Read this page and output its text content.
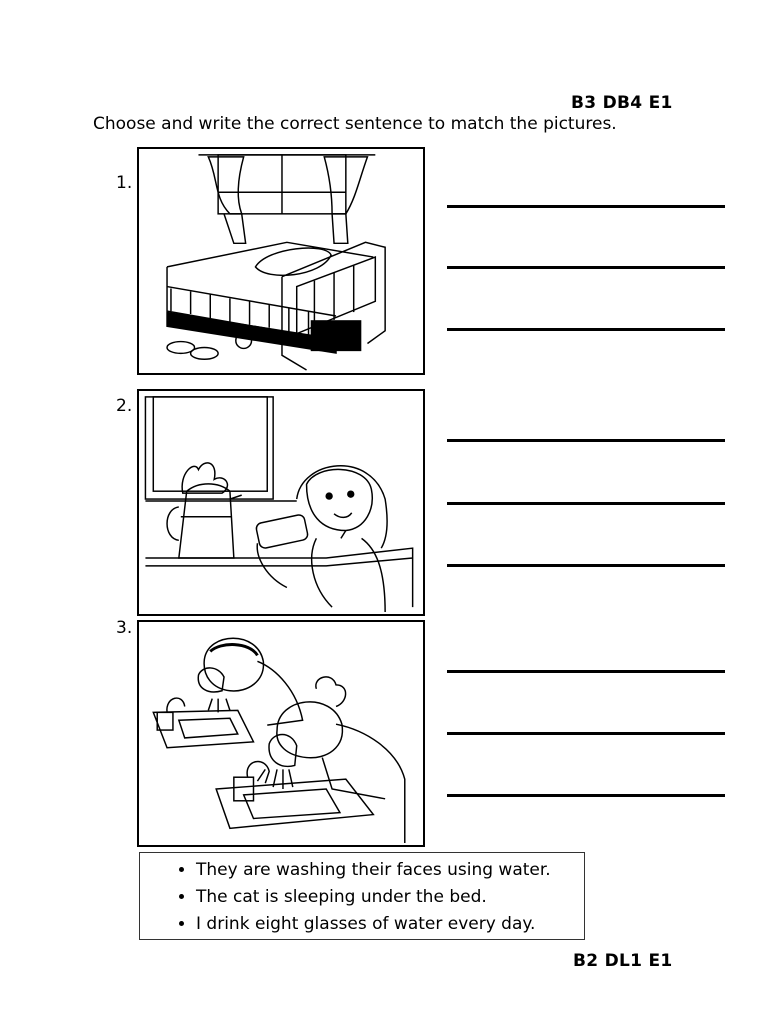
B3 DB4 E1
Choose and write the correct sentence to match the pictures.
1.
2.
3.
• They are washing their faces using water.
• The cat is sleeping under the bed.
• I drink eight glasses of water every day.
B2 DL1 E1
